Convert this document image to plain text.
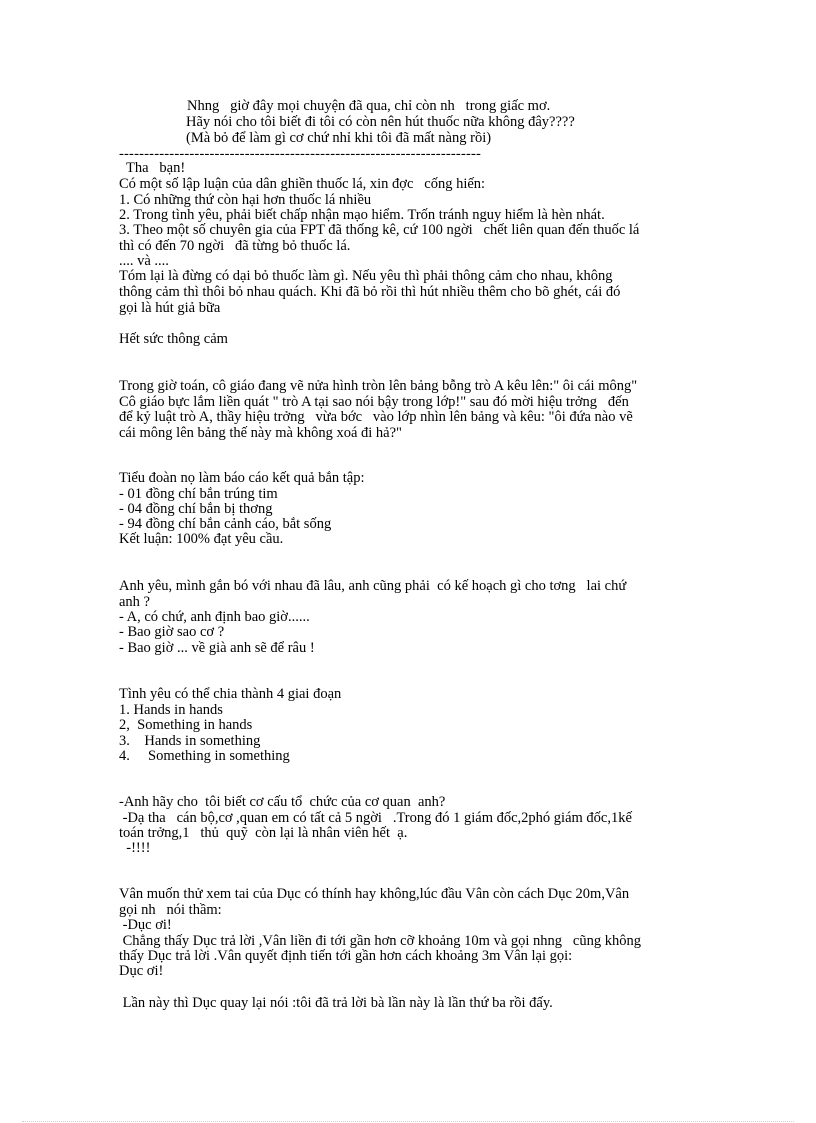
Nhng   giờ đây mọi chuyện đã qua, chỉ còn nh   trong giấc mơ.
Hãy nói cho tôi biết đi tôi có còn nên hút thuốc nữa không đây????
(Mà bỏ để làm gì cơ chứ nhỉ khi tôi đã mất nàng rồi)
------------------------------------------------------------------------
Tha   bạn!
Có một số lập luận của dân ghiền thuốc lá, xin đợc   cống hiến:
1. Có những thứ còn hại hơn thuốc lá nhiều
2. Trong tình yêu, phải biết chấp nhận mạo hiểm. Trốn tránh nguy hiểm là hèn nhát.
3. Theo một số chuyên gia của FPT đã thống kê, cứ 100 ngời   chết liên quan đến thuốc lá
thì có đến 70 ngời   đã từng bỏ thuốc lá.
.... và ....
Tóm lại là đừng có dại bỏ thuốc làm gì. Nếu yêu thì phải thông cảm cho nhau, không
thông cảm thì thôi bỏ nhau quách. Khi đã bỏ rồi thì hút nhiều thêm cho bõ ghét, cái đó
gọi là hút giả bữa
Hết sức thông cảm
Trong giờ toán, cô giáo đang vẽ nửa hình tròn lên bảng bỗng trò A kêu lên:" ôi cái mông"
Cô giáo bực lắm liền quát " trò A tại sao nói bậy trong lớp!" sau đó mời hiệu trởng   đến
để kỷ luật trò A, thầy hiệu trởng   vừa bớc   vào lớp nhìn lên bảng và kêu: "ôi đứa nào vẽ
cái mông lên bảng thế này mà không xoá đi hả?"
Tiểu đoàn nọ làm báo cáo kết quả bắn tập:
- 01 đồng chí bắn trúng tim
- 04 đồng chí bắn bị thơng
- 94 đồng chí bắn cảnh cáo, bắt sống
Kết luận: 100% đạt yêu cầu.
Anh yêu, mình gắn bó với nhau đã lâu, anh cũng phải  có kế hoạch gì cho tơng   lai chứ
anh ?
- A, có chứ, anh định bao giờ......
- Bao giờ sao cơ ?
- Bao giờ ... về già anh sẽ để râu !
Tình yêu có thể chia thành 4 giai đoạn
1. Hands in hands
2,  Something in hands
3.    Hands in something
4.     Something in something
-Anh hãy cho  tôi biết cơ cấu tổ  chức của cơ quan  anh?
-Dạ tha   cán bộ,cơ ,quan em có tất cả 5 ngời   .Trong đó 1 giám đốc,2phó giám đốc,1kế
toán trởng,1   thủ  quỹ  còn lại là nhân viên hết  ạ.
-!!!!
Vân muốn thử xem tai của Dục có thính hay không,lúc đầu Vân còn cách Dục 20m,Vân
gọi nh   nói thầm:
-Dục ơi!
Chẳng thấy Dục trả lời ,Vân liền đi tới gần hơn cỡ khoảng 10m và gọi nhng   cũng không
thấy Dục trả lời .Vân quyết định tiến tới gần hơn cách khoảng 3m Vân lại gọi:
Dục ơi!
Lần này thì Dục quay lại nói :tôi đã trả lời bà lần này là lần thứ ba rồi đấy.
